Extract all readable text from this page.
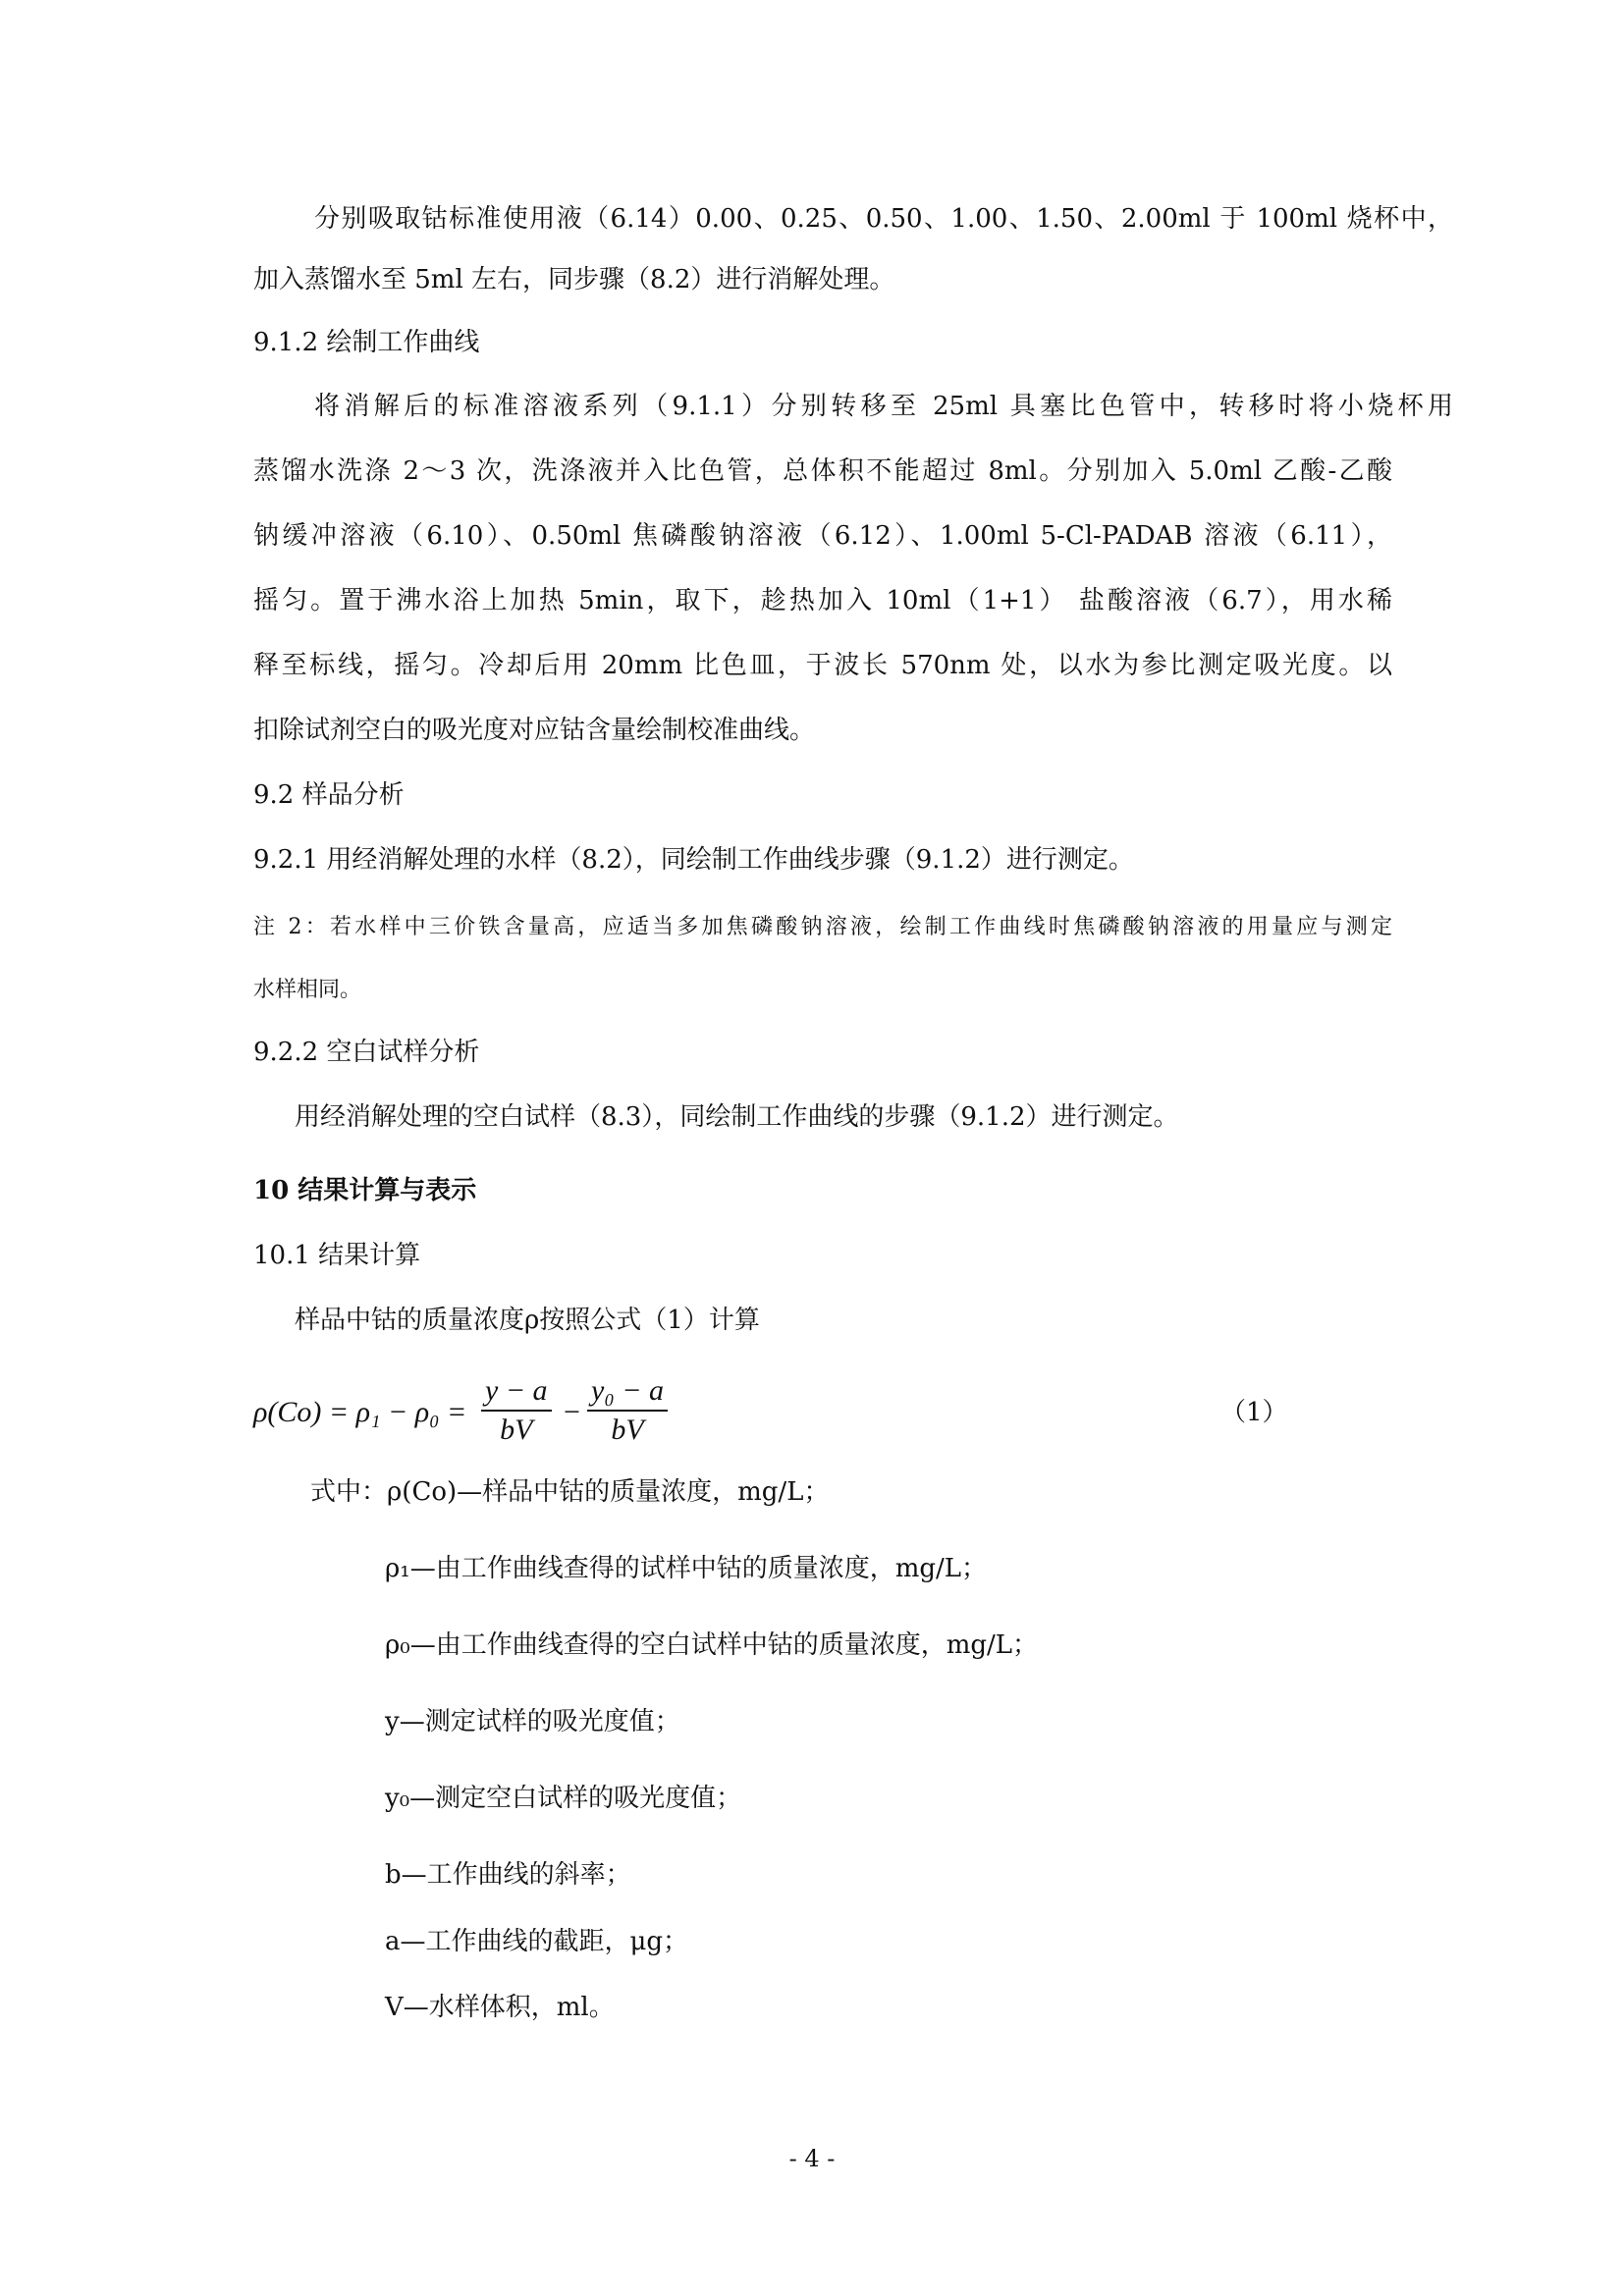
分别吸取钴标准使用液（6.14）0.00、0.25、0.50、1.00、1.50、2.00ml 于 100ml 烧杯中，
加入蒸馏水至 5ml 左右，同步骤（8.2）进行消解处理。
9.1.2 绘制工作曲线
将消解后的标准溶液系列（9.1.1）分别转移至 25ml 具塞比色管中，转移时将小烧杯用
蒸馏水洗涤 2～3 次，洗涤液并入比色管，总体积不能超过 8ml。分别加入 5.0ml 乙酸-乙酸
钠缓冲溶液（6.10）、0.50ml 焦磷酸钠溶液（6.12）、1.00ml 5-Cl-PADAB 溶液（6.11），
摇匀。置于沸水浴上加热 5min，取下，趁热加入 10ml（1+1） 盐酸溶液（6.7），用水稀
释至标线，摇匀。冷却后用 20mm 比色皿，于波长 570nm 处，以水为参比测定吸光度。以
扣除试剂空白的吸光度对应钴含量绘制校准曲线。
9.2 样品分析
9.2.1 用经消解处理的水样（8.2），同绘制工作曲线步骤（9.1.2）进行测定。
注 2：若水样中三价铁含量高，应适当多加焦磷酸钠溶液，绘制工作曲线时焦磷酸钠溶液的用量应与测定
水样相同。
9.2.2 空白试样分析
用经消解处理的空白试样（8.3），同绘制工作曲线的步骤（9.1.2）进行测定。
10 结果计算与表示
10.1 结果计算
样品中钴的质量浓度ρ按照公式（1）计算
$\rho(Co) = \rho_1 - \rho_0 = \frac{y - a}{bV} - \frac{\text{y₀ − a}}{bV}$	（1）
式中：ρ(Co)—样品中钴的质量浓度，mg/L；
ρ₁—由工作曲线查得的试样中钴的质量浓度，mg/L；
ρ₀—由工作曲线查得的空白试样中钴的质量浓度，mg/L；
y—测定试样的吸光度值；
y₀—测定空白试样的吸光度值；
b—工作曲线的斜率；
a—工作曲线的截距，μg；
V—水样体积，ml。
- 4 -
